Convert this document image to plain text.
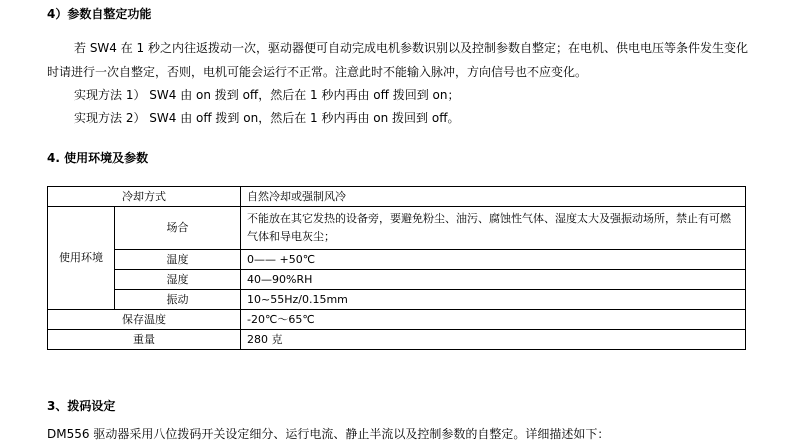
4）参数自整定功能
若 SW4 在 1 秒之内往返拨动一次，驱动器便可自动完成电机参数识别以及控制参数自整定；在电机、供电电压等条件发生变化
时请进行一次自整定，否则，电机可能会运行不正常。注意此时不能输入脉冲，方向信号也不应变化。
实现方法 1） SW4 由 on 拨到 off，然后在 1 秒内再由 off 拨回到 on；
实现方法 2） SW4 由 off 拨到 on，然后在 1 秒内再由 on 拨回到 off。
4. 使用环境及参数
冷却方式		自然冷却或强制风冷
使用环境	场合	不能放在其它发热的设备旁，要避免粉尘、油污、腐蚀性气体、湿度太大及强振动场所，禁止有可燃气体和导电灰尘；
	温度	0—— +50℃
	湿度	40—90%RH
	振动	10~55Hz/0.15mm
保存温度		-20℃～65℃
重量		280 克
3、拨码设定
DM556 驱动器采用八位拨码开关设定细分、运行电流、静止半流以及控制参数的自整定。详细描述如下：
